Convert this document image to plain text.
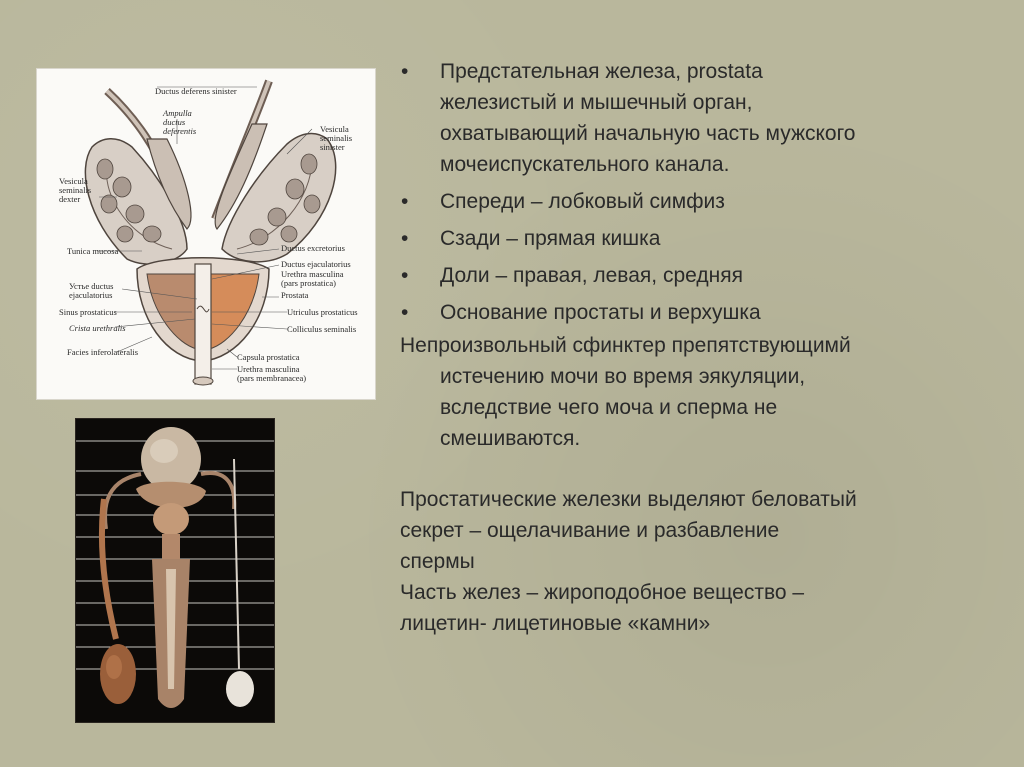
Ductus deferens sinister
Ampulla
ductus
deferentis	Vesicula
seminalis
sinister
Vesicula
seminalis
dexter
Tunica mucosa	Ductus excretorius
Ductus ejaculatorius
Urethra masculina
(pars prostatica)
Prostata
Устье ductus
ejaculatorius
Sinus prostaticus	Utriculus prostaticus
Crista urethralis	Colliculus seminalis
Facies inferolateralis	Capsula prostatica
Urethra masculina
(pars membranacea)
• Предстательная железа, prostata
железистый и мышечный орган,
охватывающий начальную часть мужского
мочеиспускательного канала.
• Спереди – лобковый симфиз
• Сзади – прямая кишка
• Доли – правая, левая, средняя
• Основание простаты и верхушка

Непроизвольный сфинктер препятствующимй
истечению мочи во время эякуляции,
вследствие чего моча и сперма не
смешиваются.

Простатические железки выделяют беловатый
секрет – ощелачивание и разбавление
спермы

Часть желез – жироподобное вещество –
лицетин- лицетиновые «камни»
